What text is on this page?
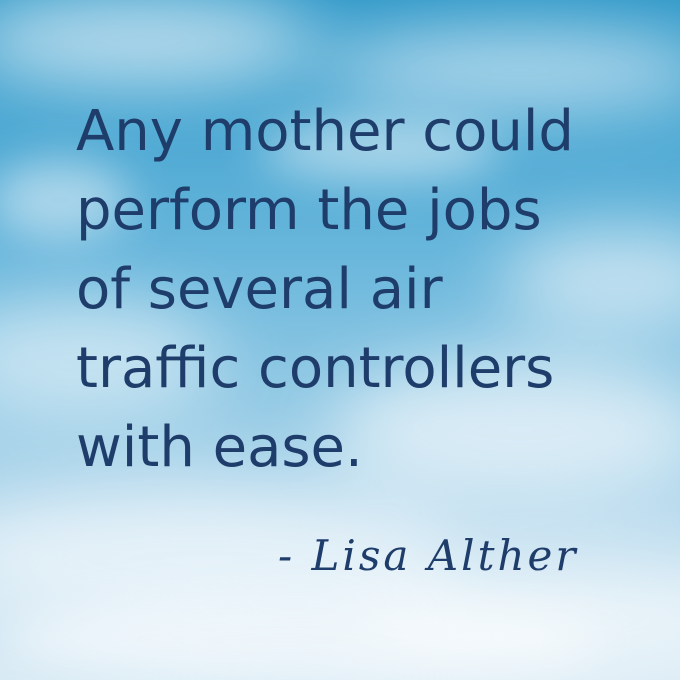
Any mother could
perform the jobs
of several air
traffic controllers
with ease.

- Lisa Alther
